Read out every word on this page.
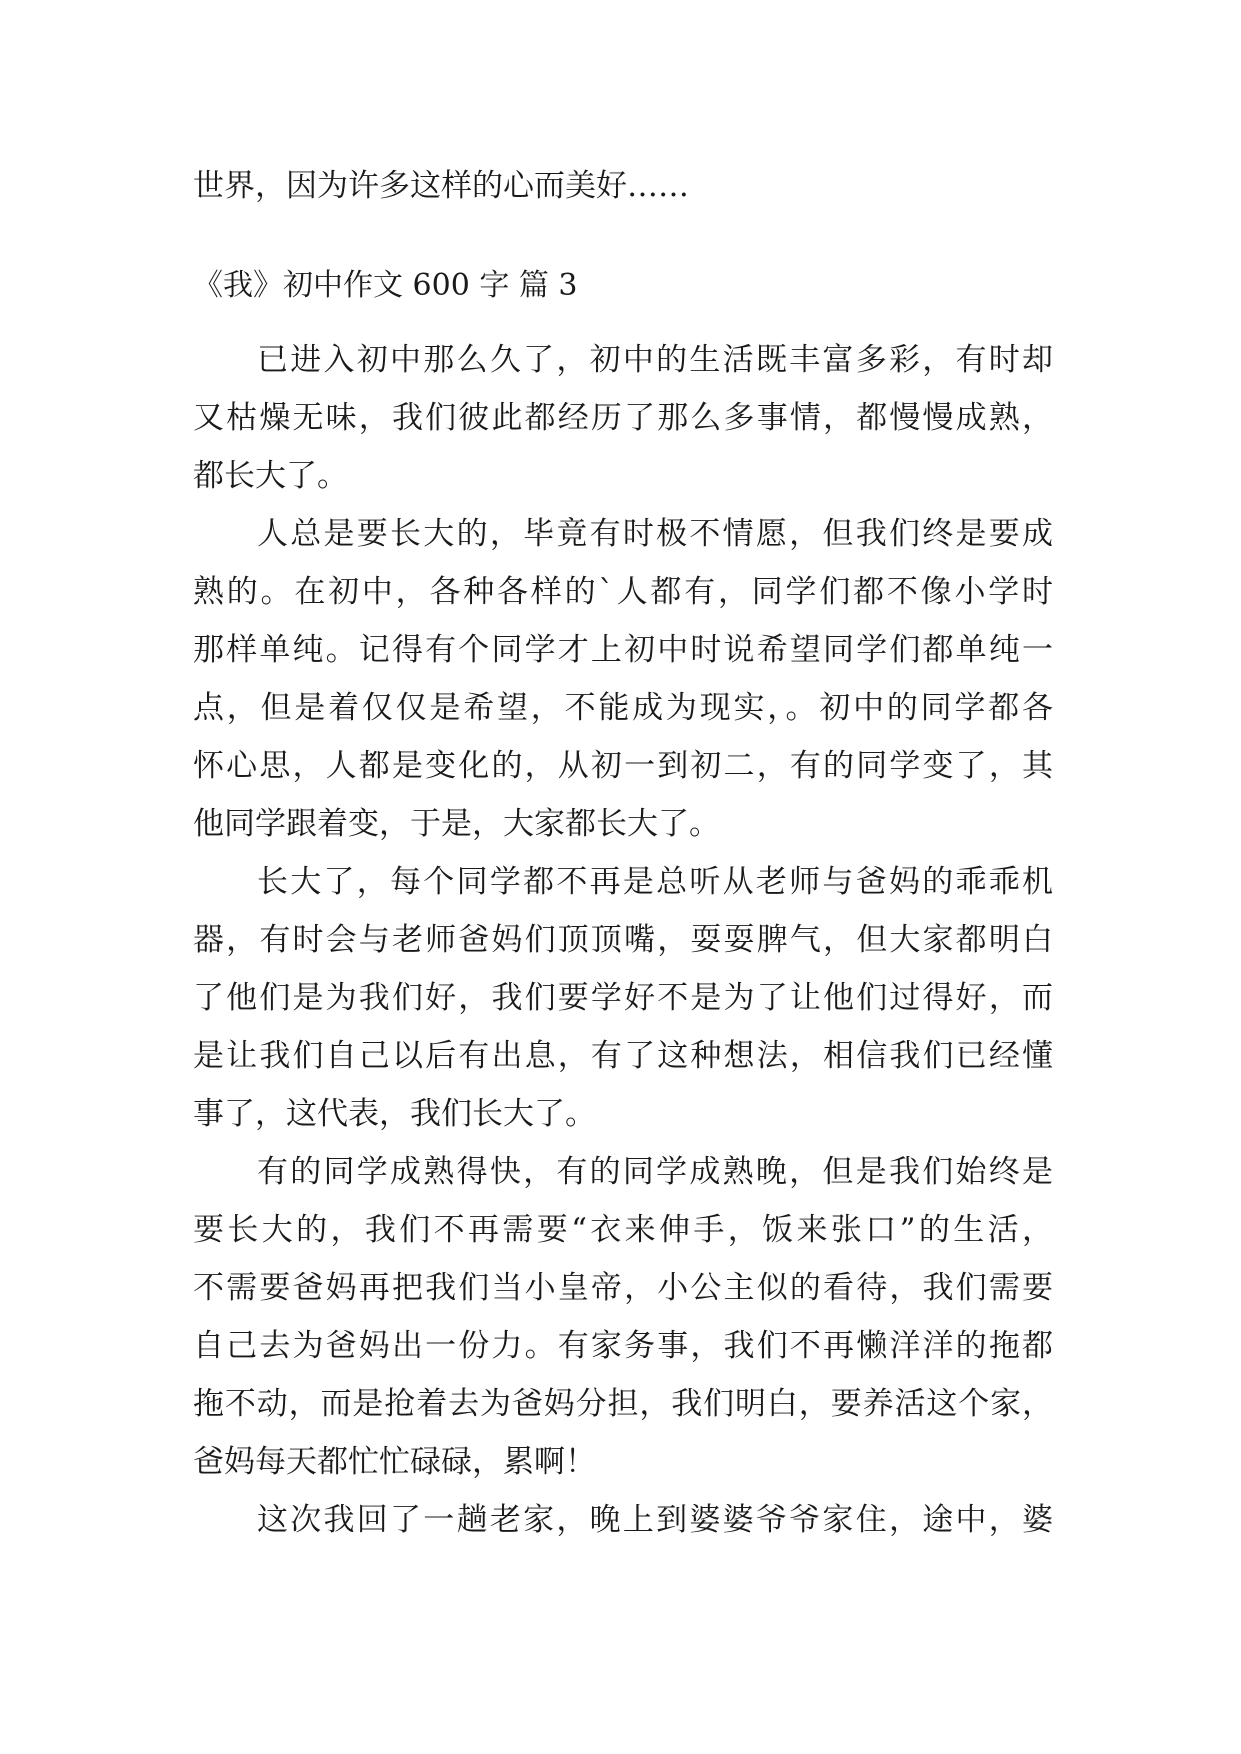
世界，因为许多这样的心而美好……

《我》初中作文 600 字 篇 3

已进入初中那么久了，初中的生活既丰富多彩，有时却

又枯燥无味，我们彼此都经历了那么多事情，都慢慢成熟，

都长大了。

人总是要长大的，毕竟有时极不情愿，但我们终是要成

熟的。在初中，各种各样的`人都有，同学们都不像小学时

那样单纯。记得有个同学才上初中时说希望同学们都单纯一

点，但是着仅仅是希望，不能成为现实，。初中的同学都各

怀心思，人都是变化的，从初一到初二，有的同学变了，其

他同学跟着变，于是，大家都长大了。

长大了，每个同学都不再是总听从老师与爸妈的乖乖机

器，有时会与老师爸妈们顶顶嘴，耍耍脾气，但大家都明白

了他们是为我们好，我们要学好不是为了让他们过得好，而

是让我们自己以后有出息，有了这种想法，相信我们已经懂

事了，这代表，我们长大了。

有的同学成熟得快，有的同学成熟晚，但是我们始终是

要长大的，我们不再需要“衣来伸手，饭来张口”的生活，

不需要爸妈再把我们当小皇帝，小公主似的看待，我们需要

自己去为爸妈出一份力。有家务事，我们不再懒洋洋的拖都

拖不动，而是抢着去为爸妈分担，我们明白，要养活这个家，

爸妈每天都忙忙碌碌，累啊！

这次我回了一趟老家，晚上到婆婆爷爷家住，途中，婆
